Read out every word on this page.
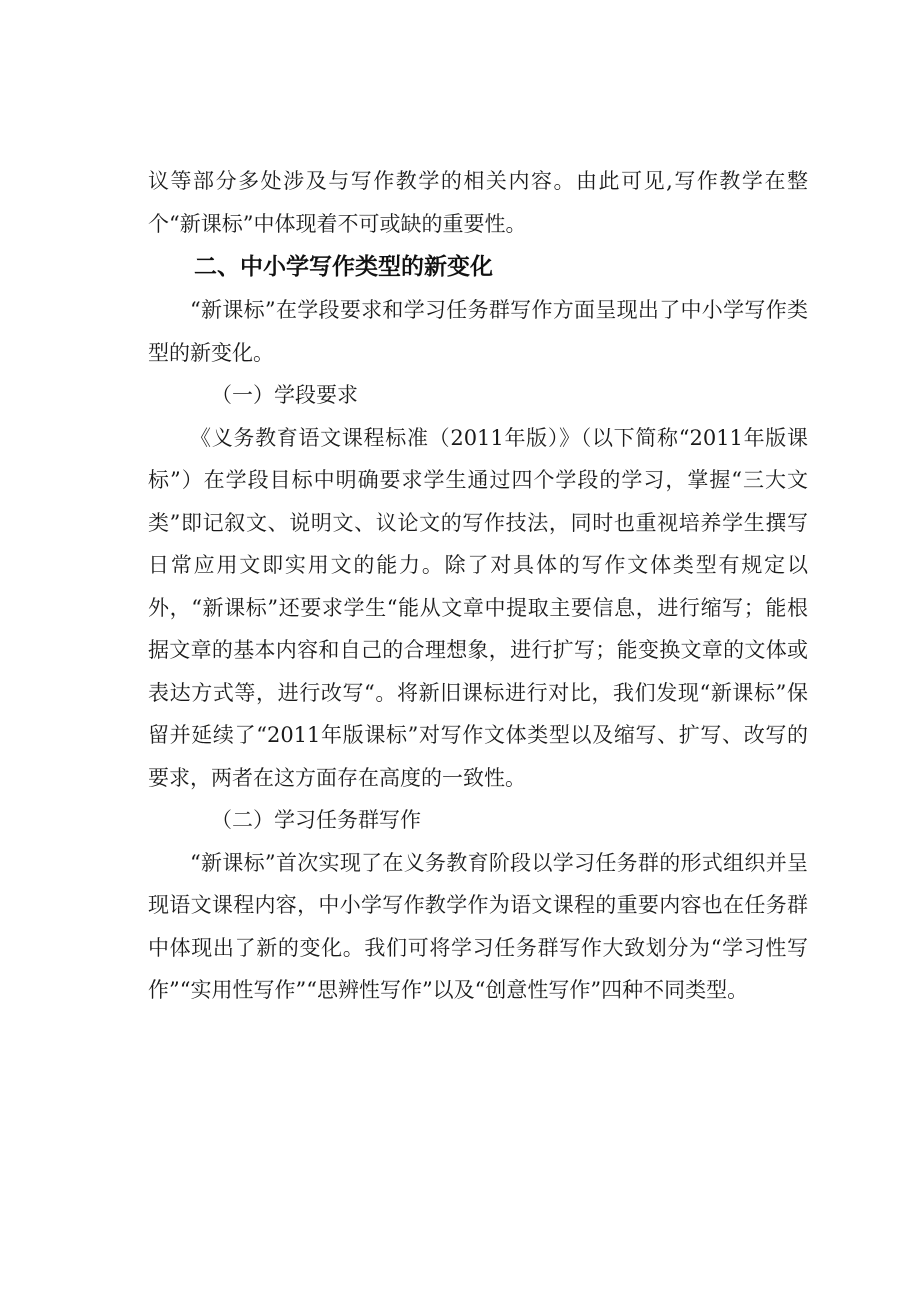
议等部分多处涉及与写作教学的相关内容。由此可见,写作教学在整个“新课标”中体现着不可或缺的重要性。

二、中小学写作类型的新变化

“新课标”在学段要求和学习任务群写作方面呈现出了中小学写作类型的新变化。

（一）学段要求

《义务教育语文课程标准（2011年版）》（以下简称“2011年版课标”）在学段目标中明确要求学生通过四个学段的学习，掌握“三大文类”即记叙文、说明文、议论文的写作技法，同时也重视培养学生撰写日常应用文即实用文的能力。除了对具体的写作文体类型有规定以外，“新课标”还要求学生“能从文章中提取主要信息，进行缩写；能根据文章的基本内容和自己的合理想象，进行扩写；能变换文章的文体或表达方式等，进行改写“。将新旧课标进行对比，我们发现“新课标”保留并延续了“2011年版课标”对写作文体类型以及缩写、扩写、改写的要求，两者在这方面存在高度的一致性。

（二）学习任务群写作

“新课标”首次实现了在义务教育阶段以学习任务群的形式组织并呈现语文课程内容，中小学写作教学作为语文课程的重要内容也在任务群中体现出了新的变化。我们可将学习任务群写作大致划分为“学习性写作”“实用性写作”“思辨性写作”以及“创意性写作”四种不同类型。
